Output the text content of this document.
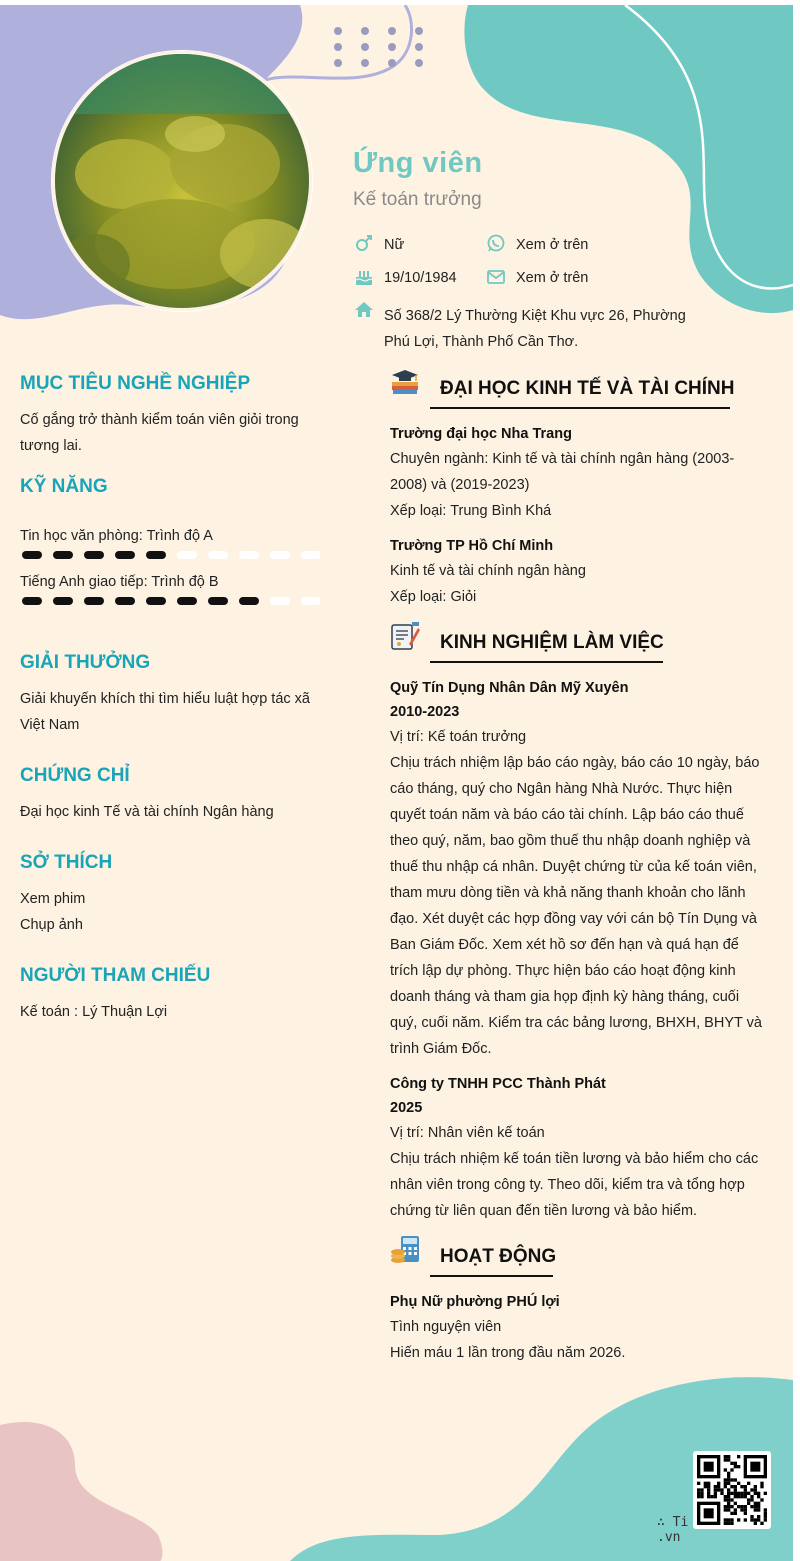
Ứng viên
Kế toán trưởng
Nữ	Xem ở trên
19/10/1984	Xem ở trên
Số 368/2 Lý Thường Kiệt Khu vực 26, Phường
Phú Lợi, Thành Phố Cần Thơ.
MỤC TIÊU NGHỀ NGHIỆP
Cố gắng trở thành kiểm toán viên giỏi trong
tương lai.
KỸ NĂNG
Tin học văn phòng: Trình độ A
Tiếng Anh giao tiếp: Trình độ B
GIẢI THƯỞNG
Giải khuyến khích thi tìm hiểu luật hợp tác xã
Việt Nam
CHỨNG CHỈ
Đại học kinh Tế và tài chính Ngân hàng
SỞ THÍCH
Xem phim
Chụp ảnh
NGƯỜI THAM CHIẾU
Kế toán : Lý Thuận Lợi
ĐẠI HỌC KINH TẾ VÀ TÀI CHÍNH
Trường đại học Nha Trang
Chuyên ngành: Kinh tế và tài chính ngân hàng (2003-
2008) và (2019-2023)
Xếp loại: Trung Bình Khá
Trường TP Hồ Chí Minh
Kinh tế và tài chính ngân hàng
Xếp loại: Giỏi
KINH NGHIỆM LÀM VIỆC
Quỹ Tín Dụng Nhân Dân Mỹ Xuyên
2010-2023
Vị trí: Kế toán trưởng
Chịu trách nhiệm lập báo cáo ngày, báo cáo 10 ngày, báo
cáo tháng, quý cho Ngân hàng Nhà Nước. Thực hiện
quyết toán năm và báo cáo tài chính. Lập báo cáo thuế
theo quý, năm, bao gồm thuế thu nhập doanh nghiệp và
thuế thu nhập cá nhân. Duyệt chứng từ của kế toán viên,
tham mưu dòng tiền và khả năng thanh khoản cho lãnh
đạo. Xét duyệt các hợp đồng vay với cán bộ Tín Dụng và
Ban Giám Đốc. Xem xét hồ sơ đến hạn và quá hạn để
trích lập dự phòng. Thực hiện báo cáo hoạt động kinh
doanh tháng và tham gia họp định kỳ hàng tháng, cuối
quý, cuối năm. Kiểm tra các bảng lương, BHXH, BHYT và
trình Giám Đốc.
Công ty TNHH PCC Thành Phát
2025
Vị trí: Nhân viên kế toán
Chịu trách nhiệm kế toán tiền lương và bảo hiểm cho các
nhân viên trong công ty. Theo dõi, kiểm tra và tổng hợp
chứng từ liên quan đến tiền lương và bảo hiểm.
HOẠT ĐỘNG
Phụ Nữ phường PHÚ lợi
Tình nguyện viên
Hiến máu 1 lần trong đầu năm 2026.
∴ Ti.vn
